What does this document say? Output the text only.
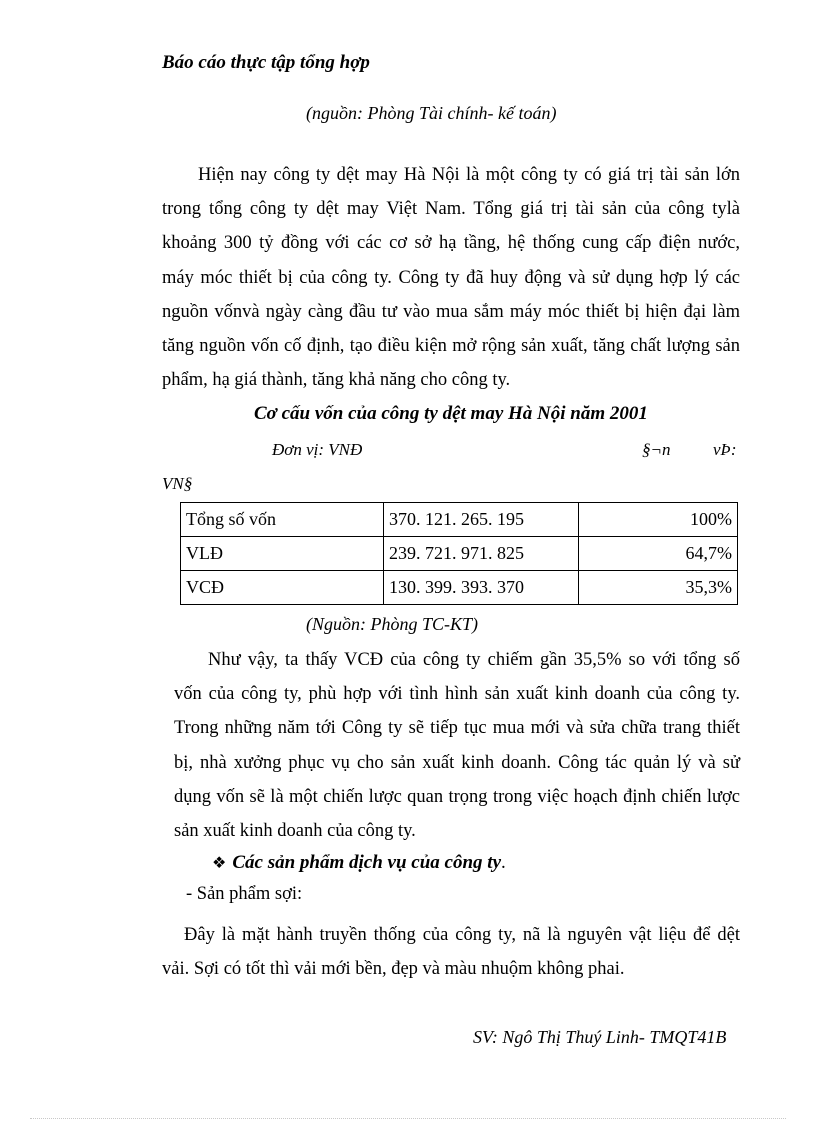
Báo cáo thực tập tổng hợp
(nguồn: Phòng Tài chính- kế toán)
Hiện nay công ty dệt may Hà Nội là một công ty có giá trị tài sản lớn
trong tổng công ty dệt may Việt Nam. Tổng giá trị tài sản của công tylà
khoảng 300 tỷ đồng với các cơ sở hạ tầng, hệ thống cung cấp điện nước,
máy móc thiết bị của công ty. Công ty đã huy động và sử dụng hợp lý các
nguồn vốnvà ngày càng đầu tư vào mua sắm máy móc thiết bị hiện đại làm
tăng nguồn vốn cố định, tạo điều kiện mở rộng sản xuất, tăng chất lượng sản
phẩm, hạ giá thành, tăng khả năng cho công ty.
Cơ cấu vốn của công ty dệt may Hà Nội năm 2001
Đơn vị: VNĐ	§¬n	vÞ:
VN§
Tổng số vốn	370. 121. 265. 195	100%
VLĐ	239. 721. 971. 825	64,7%
VCĐ	130. 399. 393. 370	35,3%
(Nguồn: Phòng TC-KT)
Như vậy, ta thấy VCĐ của công ty chiếm gần 35,5% so với tổng số
vốn của công ty, phù hợp với tình hình sản xuất kinh doanh của công ty.
Trong những năm tới Công ty sẽ tiếp tục mua mới và sửa chữa trang thiết
bị, nhà xưởng phục vụ cho sản xuất kinh doanh. Công tác quản lý và sử
dụng vốn sẽ là một chiến lược quan trọng trong việc hoạch định chiến lược
sản xuất kinh doanh của công ty.
❖ Các sản phẩm dịch vụ của công ty.
- Sản phẩm sợi:
Đây là mặt hành truyền thống của công ty, nã là nguyên vật liệu để dệt
vải. Sợi có tốt thì vải mới bền, đẹp và màu nhuộm không phai.
SV: Ngô Thị Thuý Linh- TMQT41B
